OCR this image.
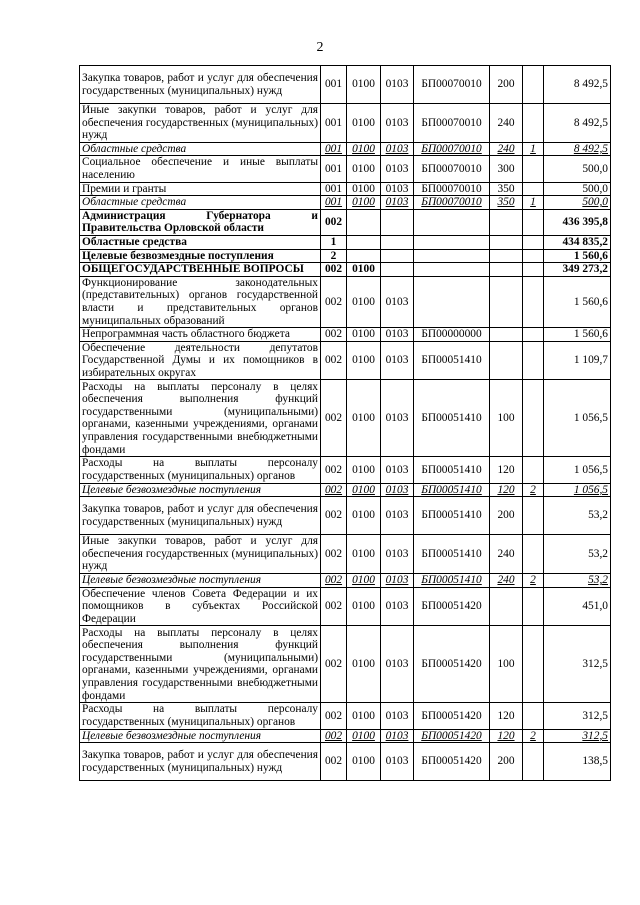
2
Закупка товаров, работ и услуг для обеспечения государственных (муниципальных) нужд	001	0100	0103	БП00070010	200		8 492,5
Иные закупки товаров, работ и услуг для обеспечения государственных (муниципальных) нужд	001	0100	0103	БП00070010	240		8 492,5
Областные средства	001	0100	0103	БП00070010	240	1	8 492,5
Социальное обеспечение и иные выплаты населению	001	0100	0103	БП00070010	300		500,0
Премии и гранты	001	0100	0103	БП00070010	350		500,0
Областные средства	001	0100	0103	БП00070010	350	1	500,0
Администрация Губернатора и Правительства Орловской области	002						436 395,8
Областные средства	1						434 835,2
Целевые безвозмездные поступления	2						1 560,6
ОБЩЕГОСУДАРСТВЕННЫЕ ВОПРОСЫ	002	0100					349 273,2
Функционирование законодательных (представительных) органов государственной власти и представительных органов муниципальных образований	002	0100	0103				1 560,6
Непрограммная часть областного бюджета	002	0100	0103	БП00000000			1 560,6
Обеспечение деятельности депутатов Государственной Думы и их помощников в избирательных округах	002	0100	0103	БП00051410			1 109,7
Расходы на выплаты персоналу в целях обеспечения выполнения функций государственными (муниципальными) органами, казенными учреждениями, органами управления государственными внебюджетными фондами	002	0100	0103	БП00051410	100		1 056,5
Расходы на выплаты персоналу государственных (муниципальных) органов	002	0100	0103	БП00051410	120		1 056,5
Целевые безвозмездные поступления	002	0100	0103	БП00051410	120	2	1 056,5
Закупка товаров, работ и услуг для обеспечения государственных (муниципальных) нужд	002	0100	0103	БП00051410	200		53,2
Иные закупки товаров, работ и услуг для обеспечения государственных (муниципальных) нужд	002	0100	0103	БП00051410	240		53,2
Целевые безвозмездные поступления	002	0100	0103	БП00051410	240	2	53,2
Обеспечение членов Совета Федерации и их помощников в субъектах Российской Федерации	002	0100	0103	БП00051420			451,0
Расходы на выплаты персоналу в целях обеспечения выполнения функций государственными (муниципальными) органами, казенными учреждениями, органами управления государственными внебюджетными фондами	002	0100	0103	БП00051420	100		312,5
Расходы на выплаты персоналу государственных (муниципальных) органов	002	0100	0103	БП00051420	120		312,5
Целевые безвозмездные поступления	002	0100	0103	БП00051420	120	2	312,5
Закупка товаров, работ и услуг для обеспечения государственных (муниципальных) нужд	002	0100	0103	БП00051420	200		138,5
